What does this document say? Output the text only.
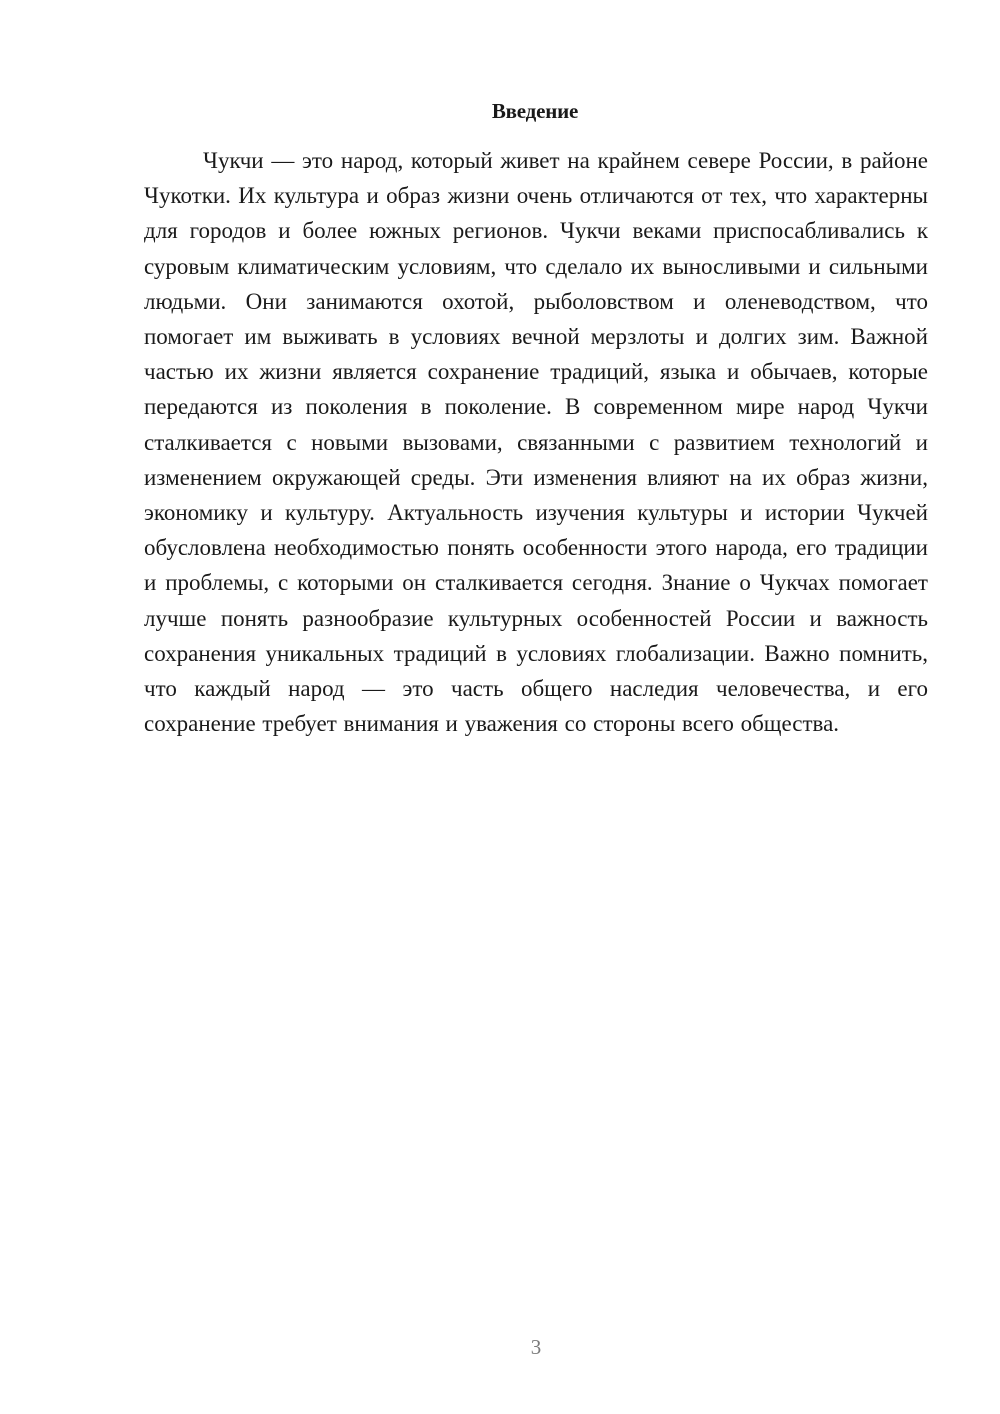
Введение

Чукчи — это народ, который живет на крайнем севере России, в районе Чукотки. Их культура и образ жизни очень отличаются от тех, что характерны для городов и более южных регионов. Чукчи веками приспосабливались к суровым климатическим условиям, что сделало их выносливыми и сильными людьми. Они занимаются охотой, рыболовством и оленеводством, что помогает им выживать в условиях вечной мерзлоты и долгих зим. Важной частью их жизни является сохранение традиций, языка и обычаев, которые передаются из поколения в поколение. В современном мире народ Чукчи сталкивается с новыми вызовами, связанными с развитием технологий и изменением окружающей среды. Эти изменения влияют на их образ жизни, экономику и культуру. Актуальность изучения культуры и истории Чукчей обусловлена необходимостью понять особенности этого народа, его традиции и проблемы, с которыми он сталкивается сегодня. Знание о Чукчах помогает лучше понять разнообразие культурных особенностей России и важность сохранения уникальных традиций в условиях глобализации. Важно помнить, что каждый народ — это часть общего наследия человечества, и его сохранение требует внимания и уважения со стороны всего общества.

3
